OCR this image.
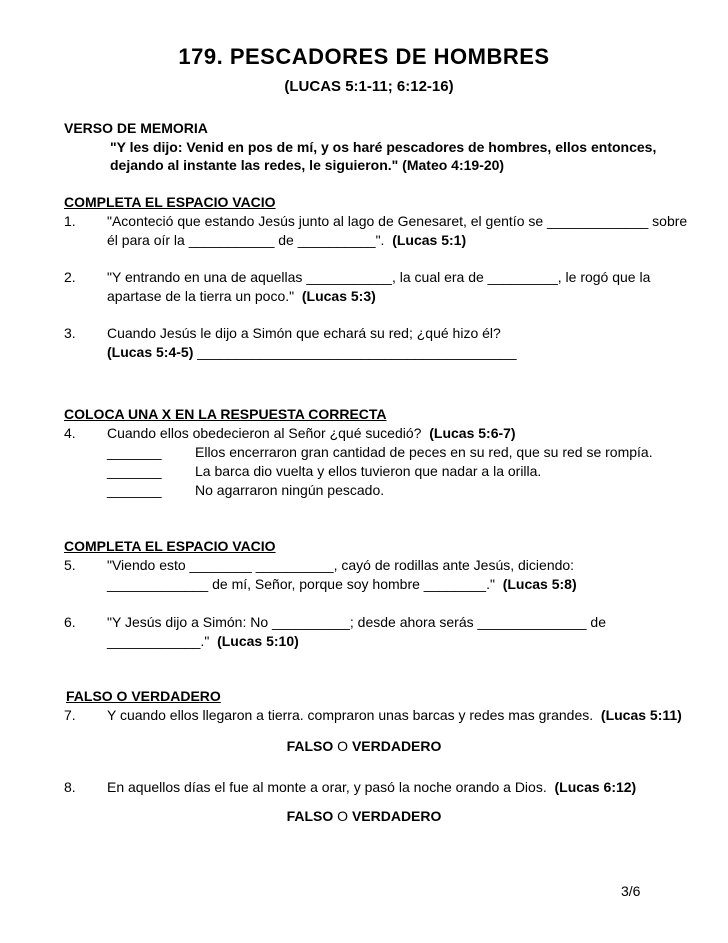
179. PESCADORES DE HOMBRES
(LUCAS 5:1-11; 6:12-16)
VERSO DE MEMORIA
"Y les dijo: Venid en pos de mí, y os haré pescadores de hombres, ellos entonces,
dejando al instante las redes, le siguieron." (Mateo 4:19-20)
COMPLETA EL ESPACIO VACIO
1. "Aconteció que estando Jesús junto al lago de Genesaret, el gentío se _____________ sobre
él para oír la ___________ de __________". (Lucas 5:1)
2. "Y entrando en una de aquellas ___________, la cual era de _________, le rogó que la
apartase de la tierra un poco." (Lucas 5:3)
3. Cuando Jesús le dijo a Simón que echará su red; ¿qué hizo él?
(Lucas 5:4-5) _________________________________________
COLOCA UNA X EN LA RESPUESTA CORRECTA
4. Cuando ellos obedecieron al Señor ¿qué sucedió? (Lucas 5:6-7)
_______ Ellos encerraron gran cantidad de peces en su red, que su red se rompía.
_______ La barca dio vuelta y ellos tuvieron que nadar a la orilla.
_______ No agarraron ningún pescado.
COMPLETA EL ESPACIO VACIO
5. "Viendo esto ________ __________, cayó de rodillas ante Jesús, diciendo:
_____________ de mí, Señor, porque soy hombre ________." (Lucas 5:8)
6. "Y Jesús dijo a Simón: No __________; desde ahora serás ______________ de
____________." (Lucas 5:10)
FALSO O VERDADERO
7. Y cuando ellos llegaron a tierra. compraron unas barcas y redes mas grandes. (Lucas 5:11)
FALSO O VERDADERO
8. En aquellos días el fue al monte a orar, y pasó la noche orando a Dios. (Lucas 6:12)
FALSO O VERDADERO
3/6
